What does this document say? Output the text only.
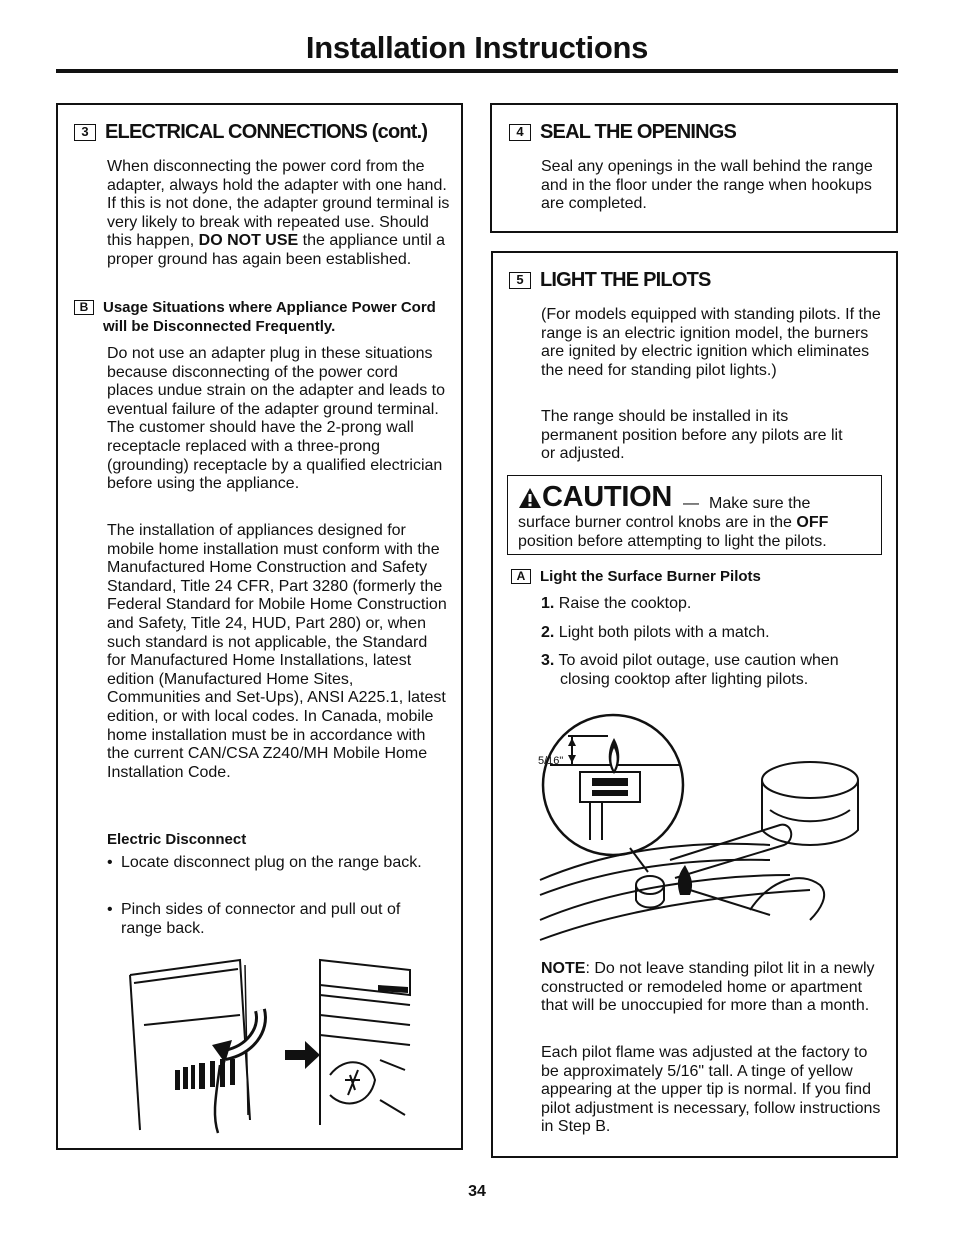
Installation Instructions
3 ELECTRICAL CONNECTIONS (cont.)
When disconnecting the power cord from the adapter, always hold the adapter with one hand. If this is not done, the adapter ground terminal is very likely to break with repeated use. Should this happen, DO NOT USE the appliance until a proper ground has again been established.
B Usage Situations where Appliance Power Cord will be Disconnected Frequently.
Do not use an adapter plug in these situations because disconnecting of the power cord places undue strain on the adapter and leads to eventual failure of the adapter ground terminal. The customer should have the 2-prong wall receptacle replaced with a three-prong (grounding) receptacle by a qualified electrician before using the appliance.
The installation of appliances designed for mobile home installation must conform with the Manufactured Home Construction and Safety Standard, Title 24 CFR, Part 3280 (formerly the Federal Standard for Mobile Home Construction and Safety, Title 24, HUD, Part 280) or, when such standard is not applicable, the Standard for Manufactured Home Installations, latest edition (Manufactured Home Sites, Communities and Set-Ups), ANSI A225.1, latest edition, or with local codes. In Canada, mobile home installation must be in accordance with the current CAN/CSA Z240/MH Mobile Home Installation Code.
Electric Disconnect
• Locate disconnect plug on the range back.
• Pinch sides of connector and pull out of range back.
4 SEAL THE OPENINGS
Seal any openings in the wall behind the range and in the floor under the range when hookups are completed.
5 LIGHT THE PILOTS
(For models equipped with standing pilots. If the range is an electric ignition model, the burners are ignited by electric ignition which eliminates the need for standing pilot lights.)
The range should be installed in its permanent position before any pilots are lit or adjusted.
CAUTION — Make sure the
surface burner control knobs are in the OFF position before attempting to light the pilots.
A Light the Surface Burner Pilots
1. Raise the cooktop.
2. Light both pilots with a match.
3. To avoid pilot outage, use caution when closing cooktop after lighting pilots.
5/16"
NOTE: Do not leave standing pilot lit in a newly constructed or remodeled home or apartment that will be unoccupied for more than a month.
Each pilot flame was adjusted at the factory to be approximately 5/16" tall. A tinge of yellow appearing at the upper tip is normal. If you find pilot adjustment is necessary, follow instructions in Step B.
34
